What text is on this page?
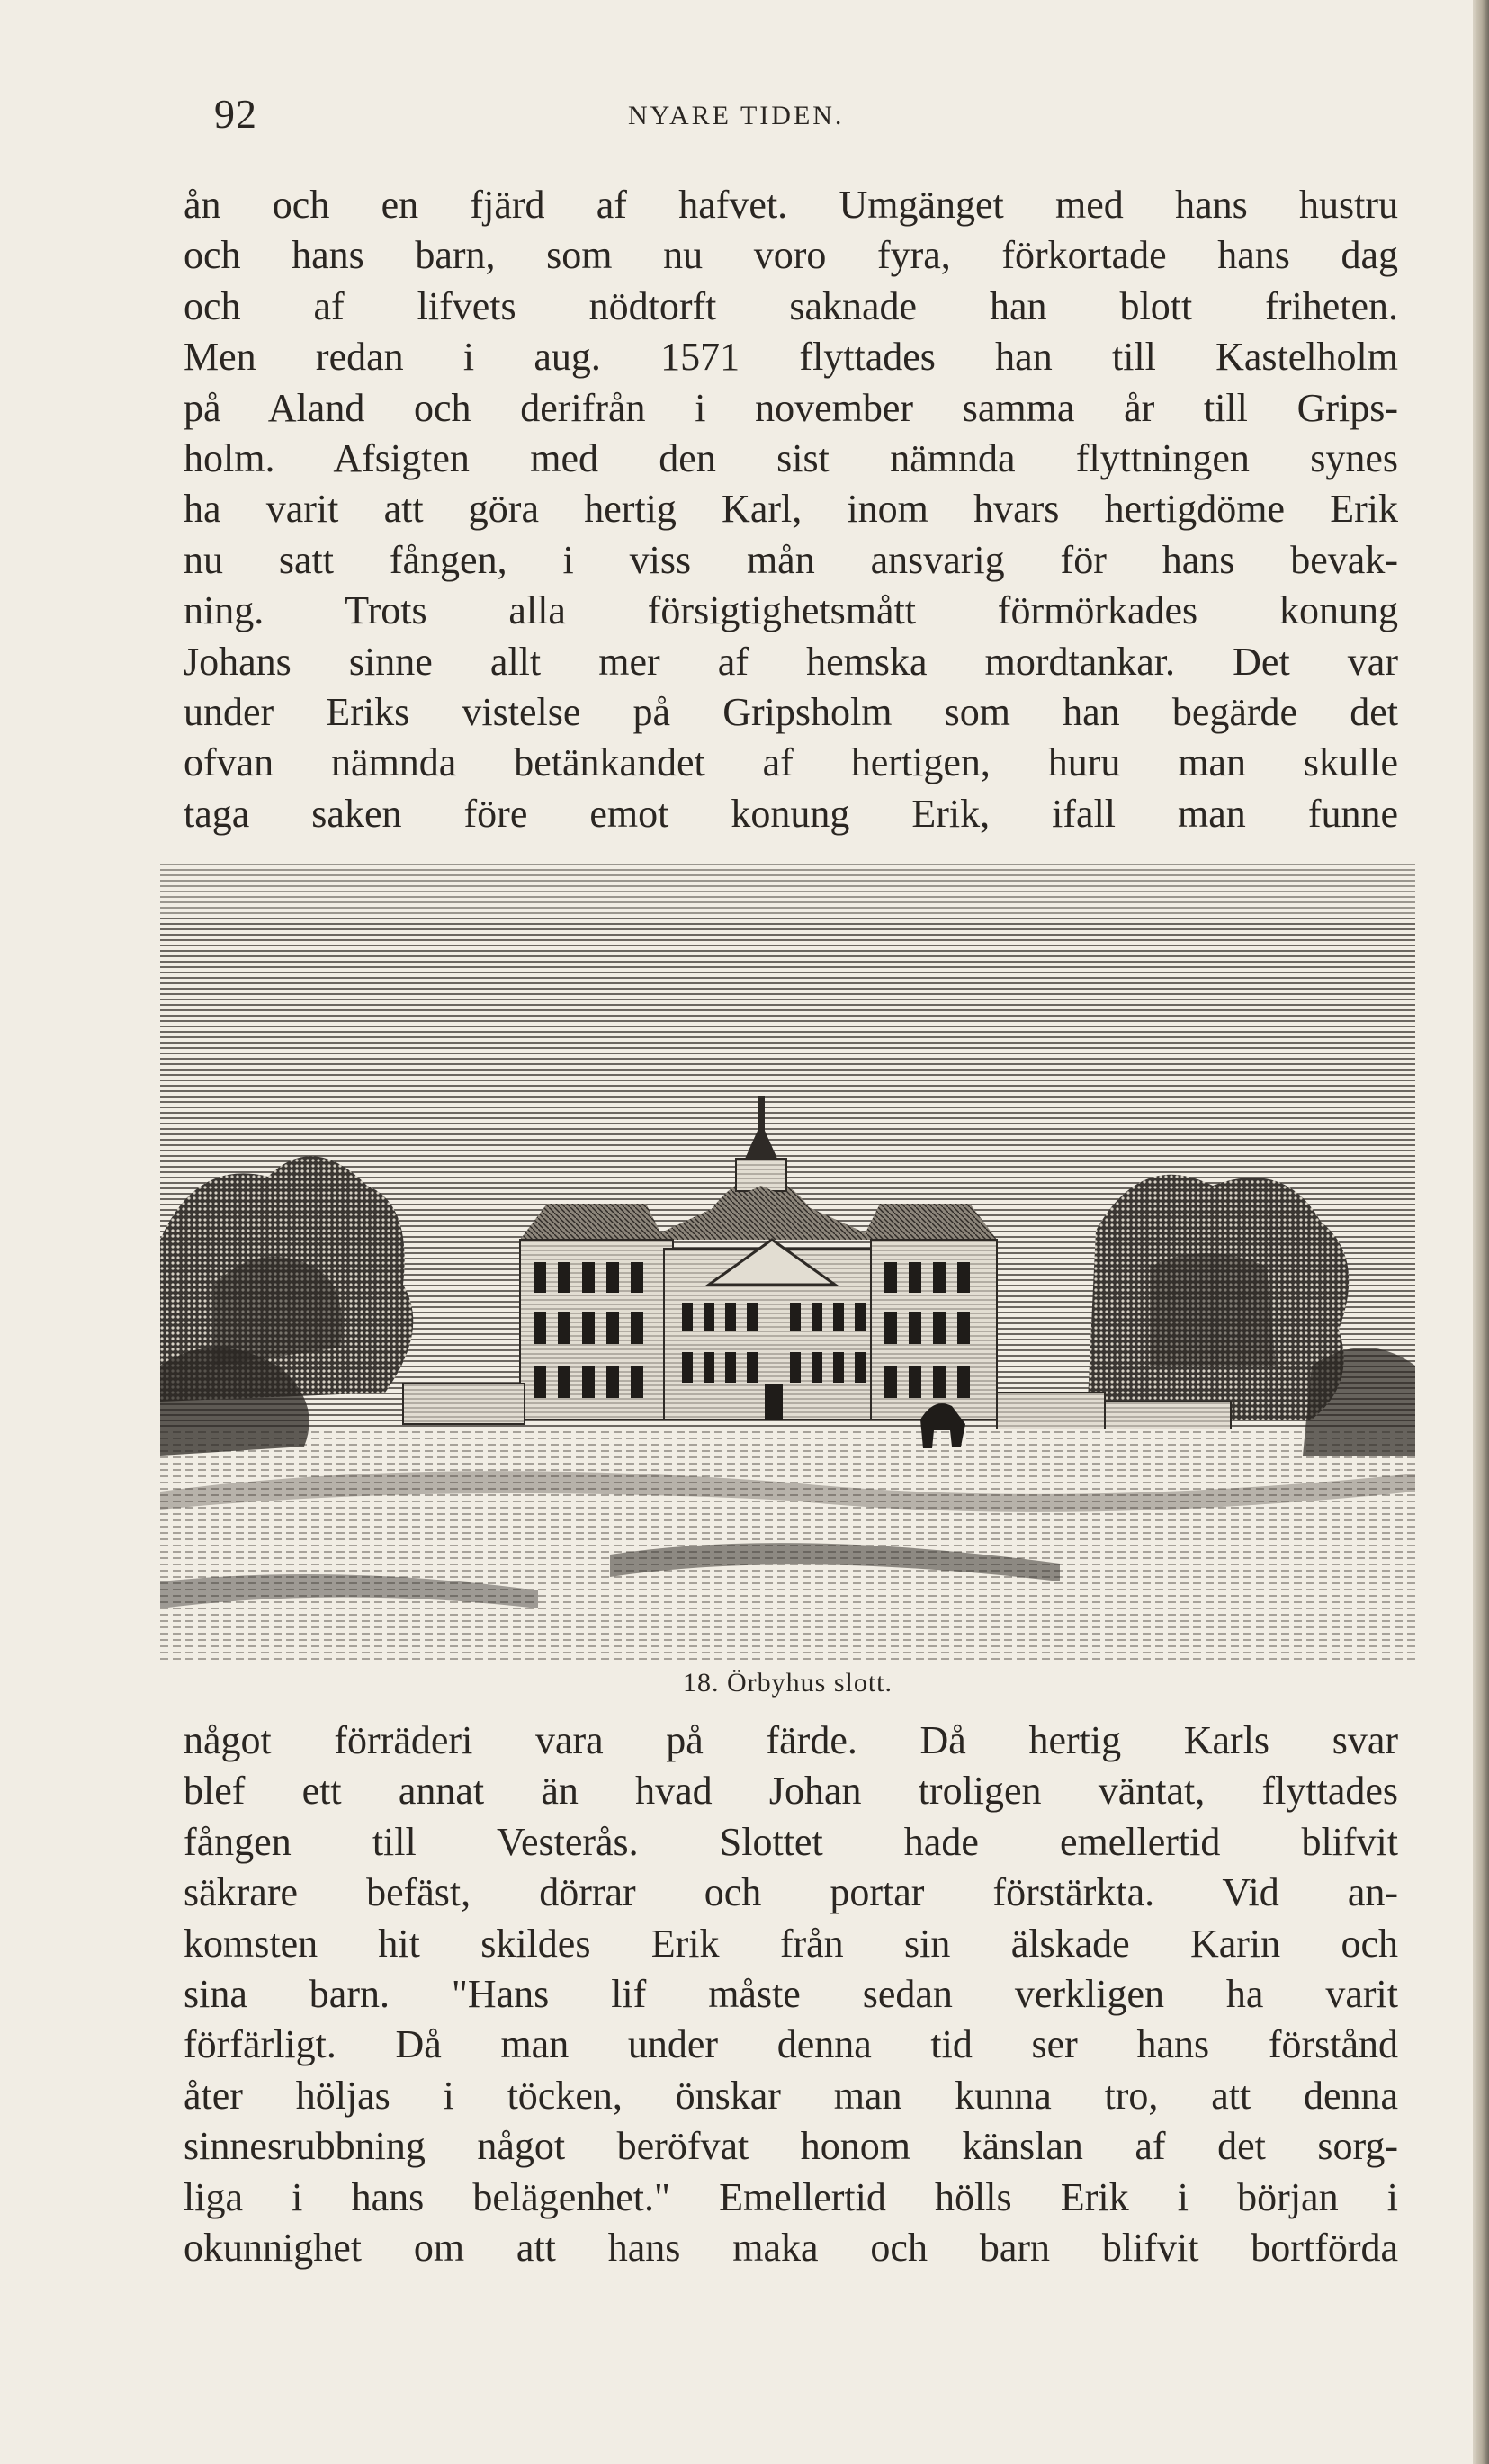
92	NYARE TIDEN.
ån och en fjärd af hafvet. Umgänget med hans hustru
och hans barn, som nu voro fyra, förkortade hans dag
och af lifvets nödtorft saknade han blott friheten.
Men redan i aug. 1571 flyttades han till Kastelholm
på Aland och derifrån i november samma år till Grips-
holm. Afsigten med den sist nämnda flyttningen synes
ha varit att göra hertig Karl, inom hvars hertigdöme Erik
nu satt fången, i viss mån ansvarig för hans bevak-
ning. Trots alla försigtighetsmått förmörkades konung
Johans sinne allt mer af hemska mordtankar. Det var
under Eriks vistelse på Gripsholm som han begärde det
ofvan nämnda betänkandet af hertigen, huru man skulle
taga saken före emot konung Erik, ifall man funne
18. Örbyhus slott.
något förräderi vara på färde. Då hertig Karls svar
blef ett annat än hvad Johan troligen väntat, flyttades
fången till Vesterås. Slottet hade emellertid blifvit
säkrare befäst, dörrar och portar förstärkta. Vid an-
komsten hit skildes Erik från sin älskade Karin och
sina barn. "Hans lif måste sedan verkligen ha varit
förfärligt. Då man under denna tid ser hans förstånd
åter höljas i töcken, önskar man kunna tro, att denna
sinnesrubbning något beröfvat honom känslan af det sorg-
liga i hans belägenhet." Emellertid hölls Erik i början i
okunnighet om att hans maka och barn blifvit bortförda
